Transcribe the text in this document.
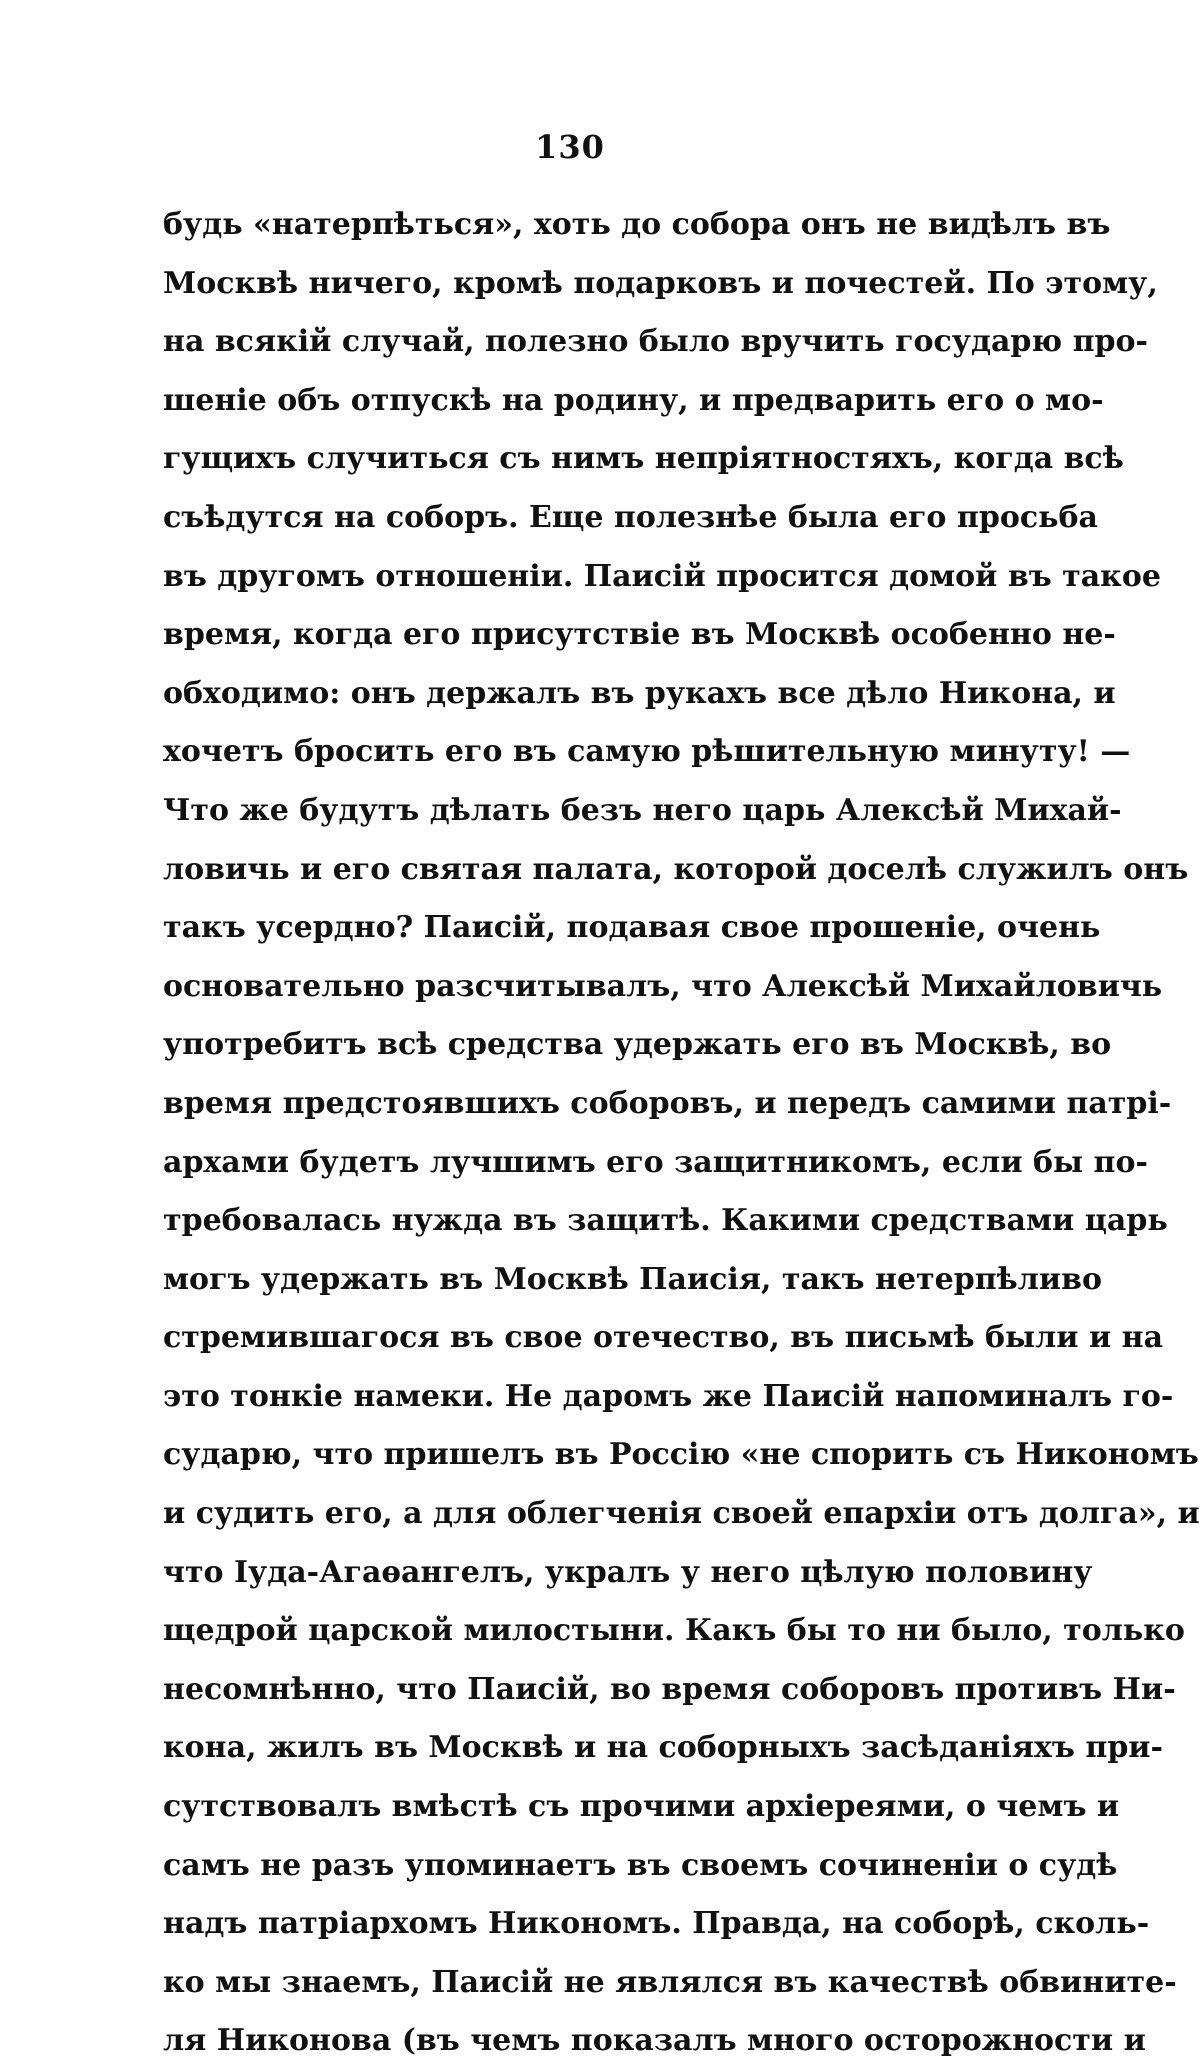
130
будь «натерпѣться», хоть до собора онъ не видѣлъ въ
Москвѣ ничего, кромѣ подарковъ и почестей. По этому,
на всякій случай, полезно было вручить государю про-
шеніе объ отпускѣ на родину, и предварить его о мо-
гущихъ случиться съ нимъ непріятностяхъ, когда всѣ
съѣдутся на соборъ. Еще полезнѣе была его просьба
въ другомъ отношеніи. Паисій просится домой въ такое
время, когда его присутствіе въ Москвѣ особенно не-
обходимо: онъ держалъ въ рукахъ все дѣло Никона, и
хочетъ бросить его въ самую рѣшительную минуту! —
Что же будутъ дѣлать безъ него царь Алексѣй Михай-
ловичь и его святая палата, которой доселѣ служилъ онъ
такъ усердно? Паисій, подавая свое прошеніе, очень
основательно разсчитывалъ, что Алексѣй Михайловичь
употребитъ всѣ средства удержать его въ Москвѣ, во
время предстоявшихъ соборовъ, и передъ самими патрі-
архами будетъ лучшимъ его защитникомъ, если бы по-
требовалась нужда въ защитѣ. Какими средствами царь
могъ удержать въ Москвѣ Паисія, такъ нетерпѣливо
стремившагося въ свое отечество, въ письмѣ были и на
это тонкіе намеки. Не даромъ же Паисій напоминалъ го-
сударю, что пришелъ въ Россію «не спорить съ Никономъ
и судить его, а для облегченія своей епархіи отъ долга», и
что Іуда-Агаѳангелъ, укралъ у него цѣлую половину
щедрой царской милостыни. Какъ бы то ни было, только
несомнѣнно, что Паисій, во время соборовъ противъ Ни-
кона, жилъ въ Москвѣ и на соборныхъ засѣданіяхъ при-
сутствовалъ вмѣстѣ съ прочими архіереями, о чемъ и
самъ не разъ упоминаетъ въ своемъ сочиненіи о судѣ
надъ патріархомъ Никономъ. Правда, на соборѣ, сколь-
ко мы знаемъ, Паисій не являлся въ качествѣ обвините-
ля Никонова (въ чемъ показалъ много осторожности и
